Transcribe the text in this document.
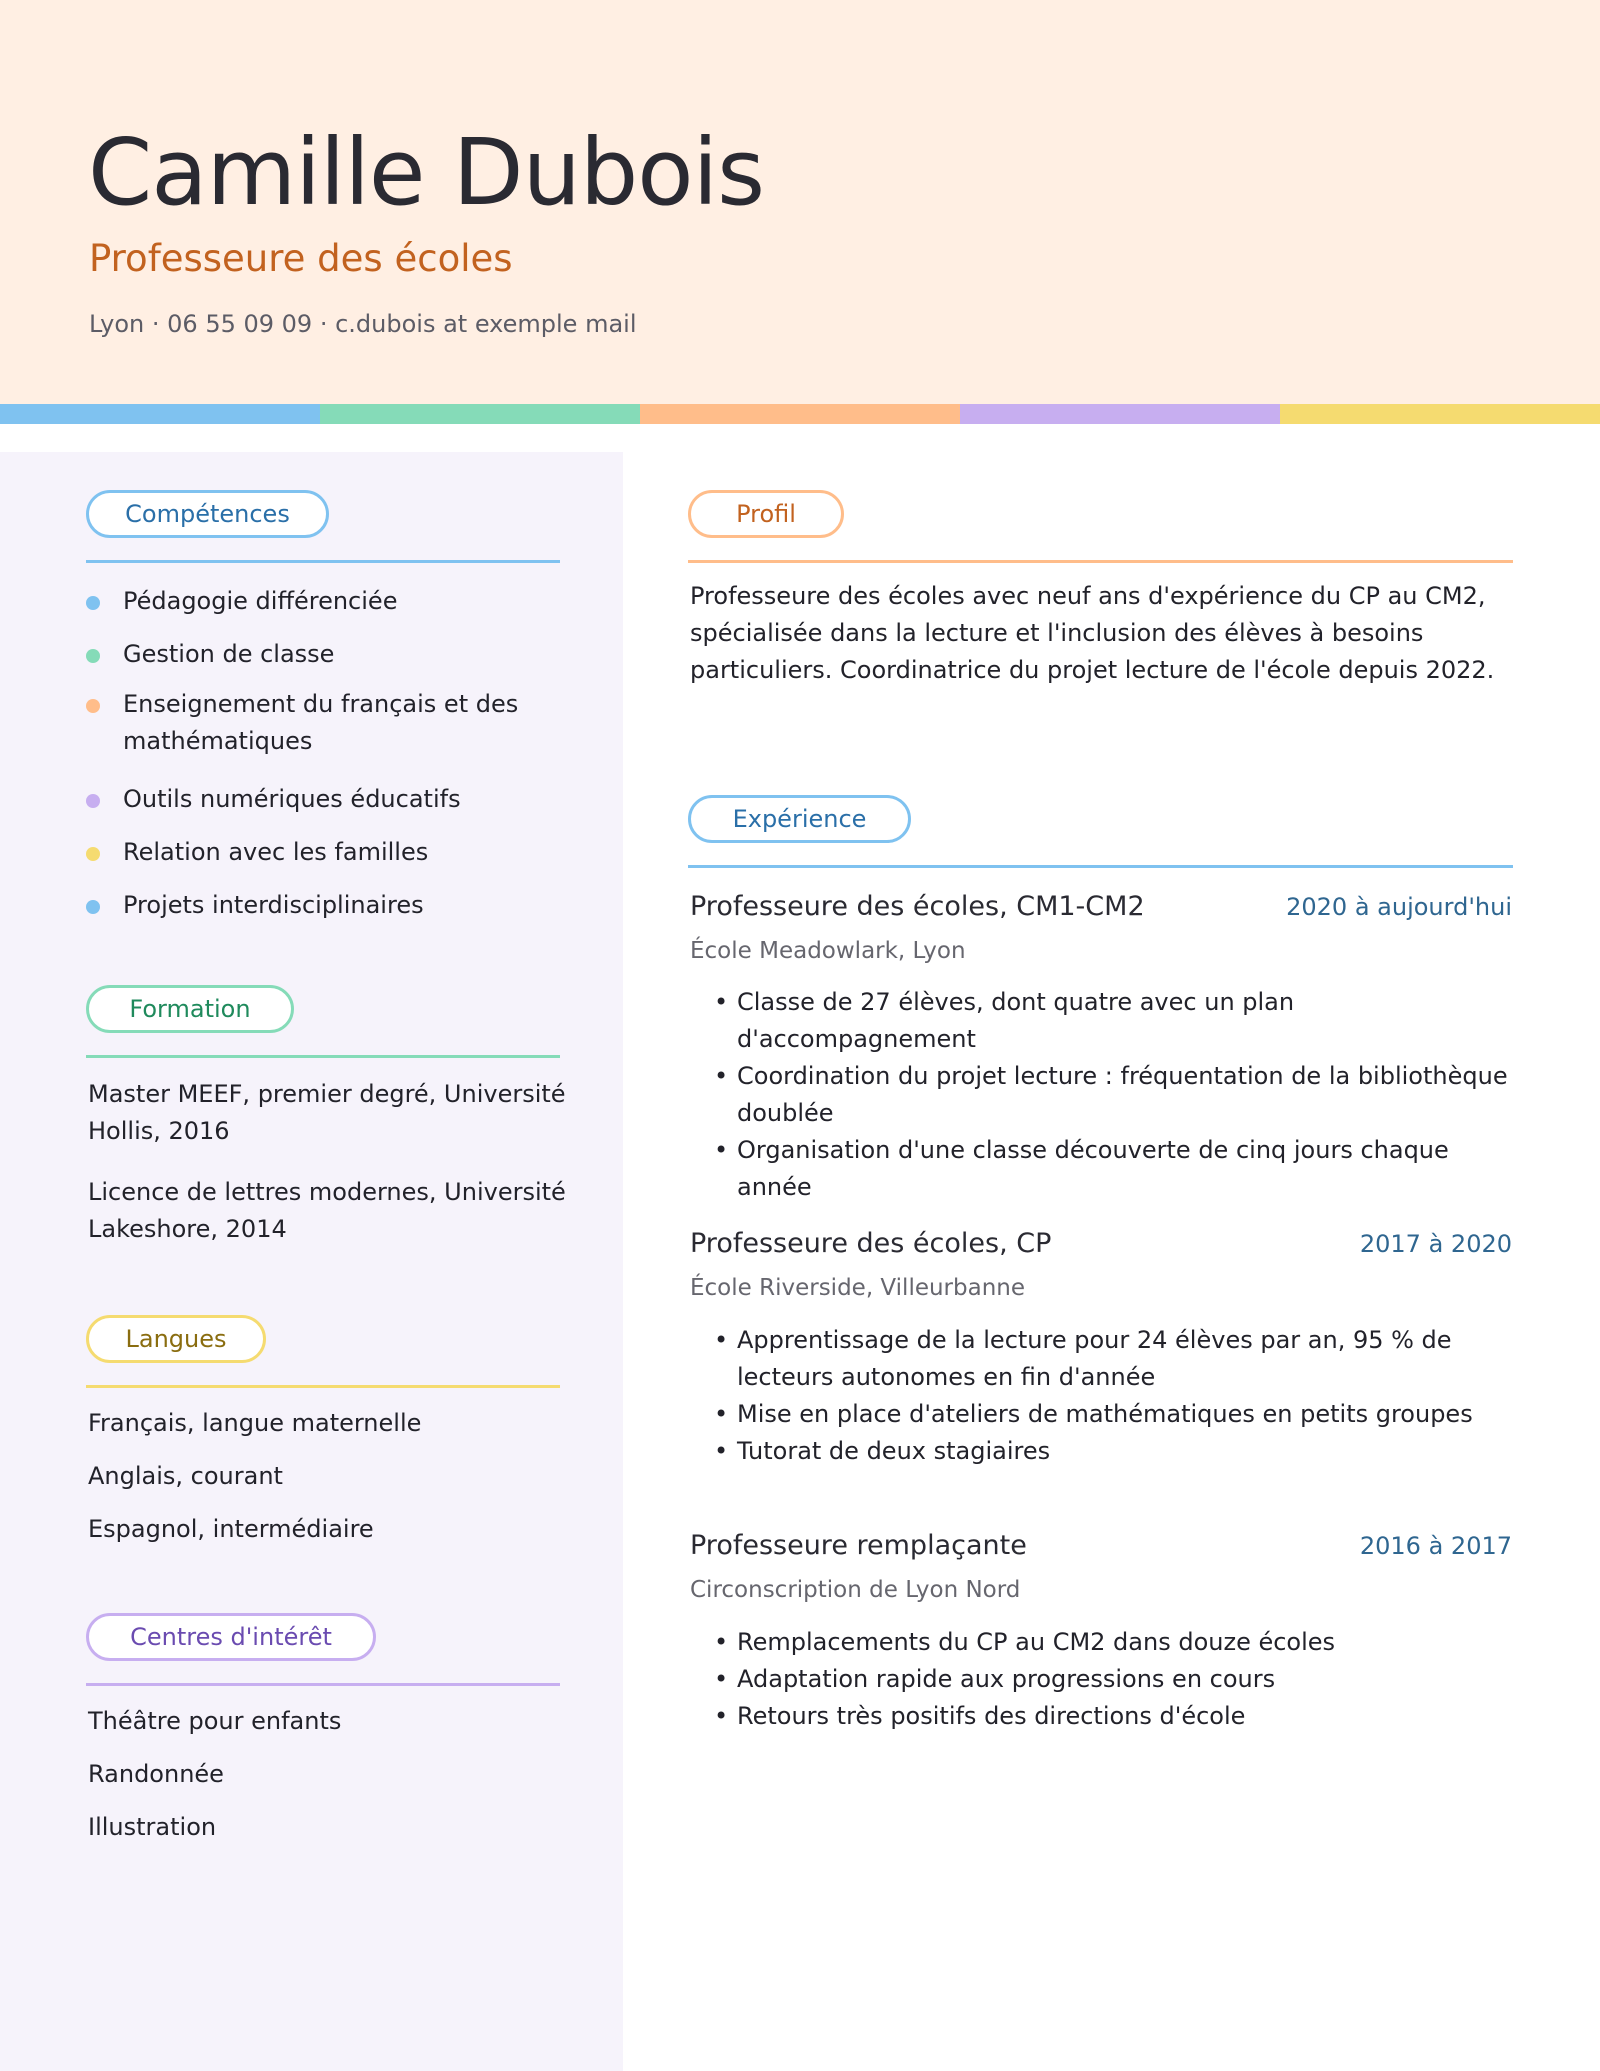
Camille Dubois
Professeure des écoles
Lyon · 06 55 09 09 · c.dubois at exemple mail
Compétences
Pédagogie différenciée
Gestion de classe
Enseignement du français et des mathématiques
Outils numériques éducatifs
Relation avec les familles
Projets interdisciplinaires
Formation
Master MEEF, premier degré, Université Hollis, 2016
Licence de lettres modernes, Université Lakeshore, 2014
Langues
Français, langue maternelle
Anglais, courant
Espagnol, intermédiaire
Centres d'intérêt
Théâtre pour enfants
Randonnée
Illustration
Profil
Professeure des écoles avec neuf ans d'expérience du CP au CM2, spécialisée dans la lecture et l'inclusion des élèves à besoins particuliers. Coordinatrice du projet lecture de l'école depuis 2022.
Expérience
Professeure des écoles, CM1-CM2	2020 à aujourd'hui
École Meadowlark, Lyon
• Classe de 27 élèves, dont quatre avec un plan d'accompagnement
• Coordination du projet lecture : fréquentation de la bibliothèque doublée
• Organisation d'une classe découverte de cinq jours chaque année
Professeure des écoles, CP	2017 à 2020
École Riverside, Villeurbanne
• Apprentissage de la lecture pour 24 élèves par an, 95 % de lecteurs autonomes en fin d'année
• Mise en place d'ateliers de mathématiques en petits groupes
• Tutorat de deux stagiaires
Professeure remplaçante	2016 à 2017
Circonscription de Lyon Nord
• Remplacements du CP au CM2 dans douze écoles
• Adaptation rapide aux progressions en cours
• Retours très positifs des directions d'école
